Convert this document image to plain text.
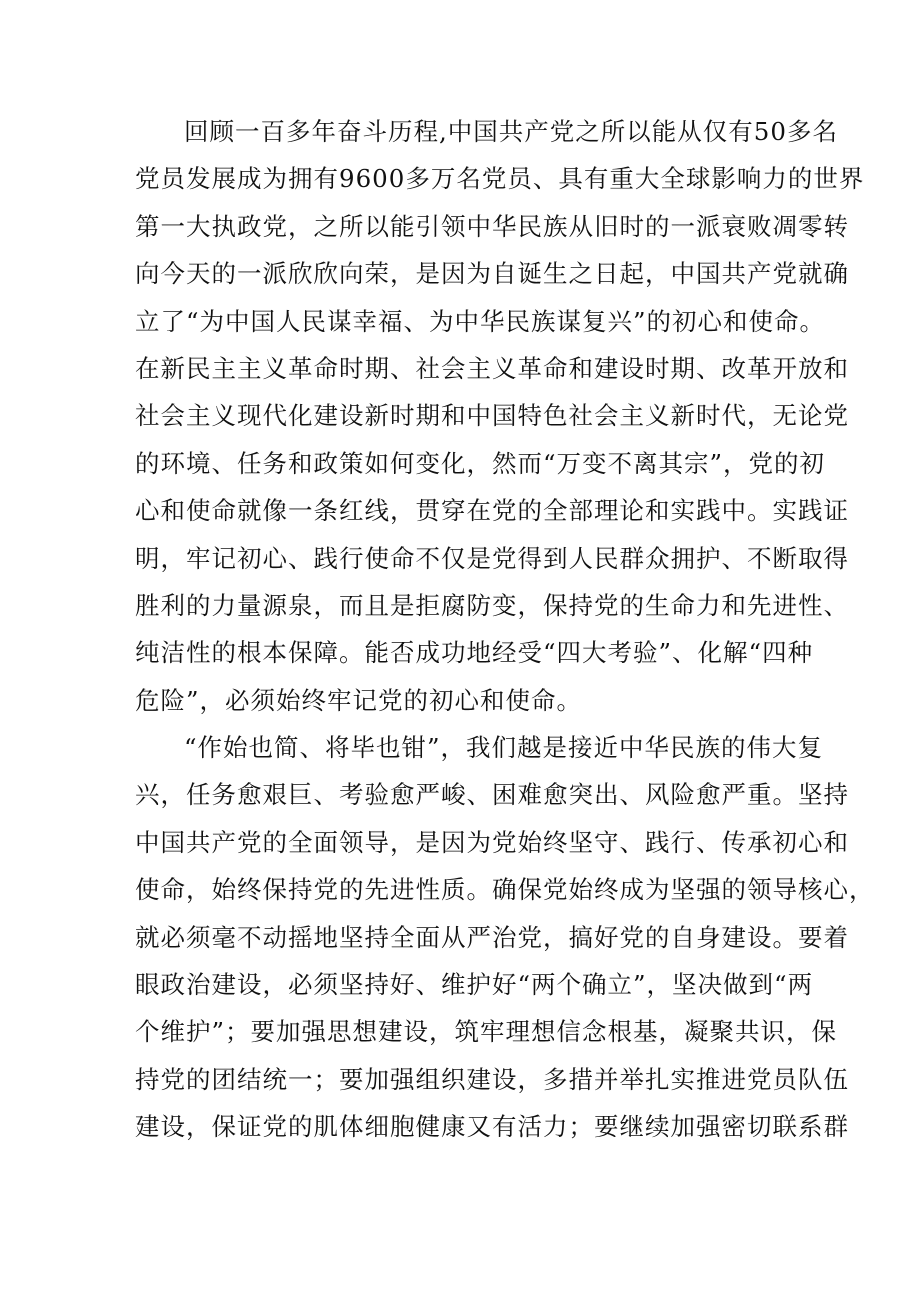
回顾一百多年奋斗历程,中国共产党之所以能从仅有50多名
党员发展成为拥有9600多万名党员、具有重大全球影响力的世界
第一大执政党，之所以能引领中华民族从旧时的一派衰败凋零转
向今天的一派欣欣向荣，是因为自诞生之日起，中国共产党就确
立了“为中国人民谋幸福、为中华民族谋复兴”的初心和使命。
在新民主主义革命时期、社会主义革命和建设时期、改革开放和
社会主义现代化建设新时期和中国特色社会主义新时代，无论党
的环境、任务和政策如何变化，然而“万变不离其宗”，党的初
心和使命就像一条红线，贯穿在党的全部理论和实践中。实践证
明，牢记初心、践行使命不仅是党得到人民群众拥护、不断取得
胜利的力量源泉，而且是拒腐防变，保持党的生命力和先进性、
纯洁性的根本保障。能否成功地经受“四大考验”、化解“四种
危险”，必须始终牢记党的初心和使命。
“作始也简、将毕也钳”，我们越是接近中华民族的伟大复
兴，任务愈艰巨、考验愈严峻、困难愈突出、风险愈严重。坚持
中国共产党的全面领导，是因为党始终坚守、践行、传承初心和
使命，始终保持党的先进性质。确保党始终成为坚强的领导核心，
就必须毫不动摇地坚持全面从严治党，搞好党的自身建设。要着
眼政治建设，必须坚持好、维护好“两个确立”，坚决做到“两
个维护”；要加强思想建设，筑牢理想信念根基，凝聚共识，保
持党的团结统一；要加强组织建设，多措并举扎实推进党员队伍
建设，保证党的肌体细胞健康又有活力；要继续加强密切联系群
